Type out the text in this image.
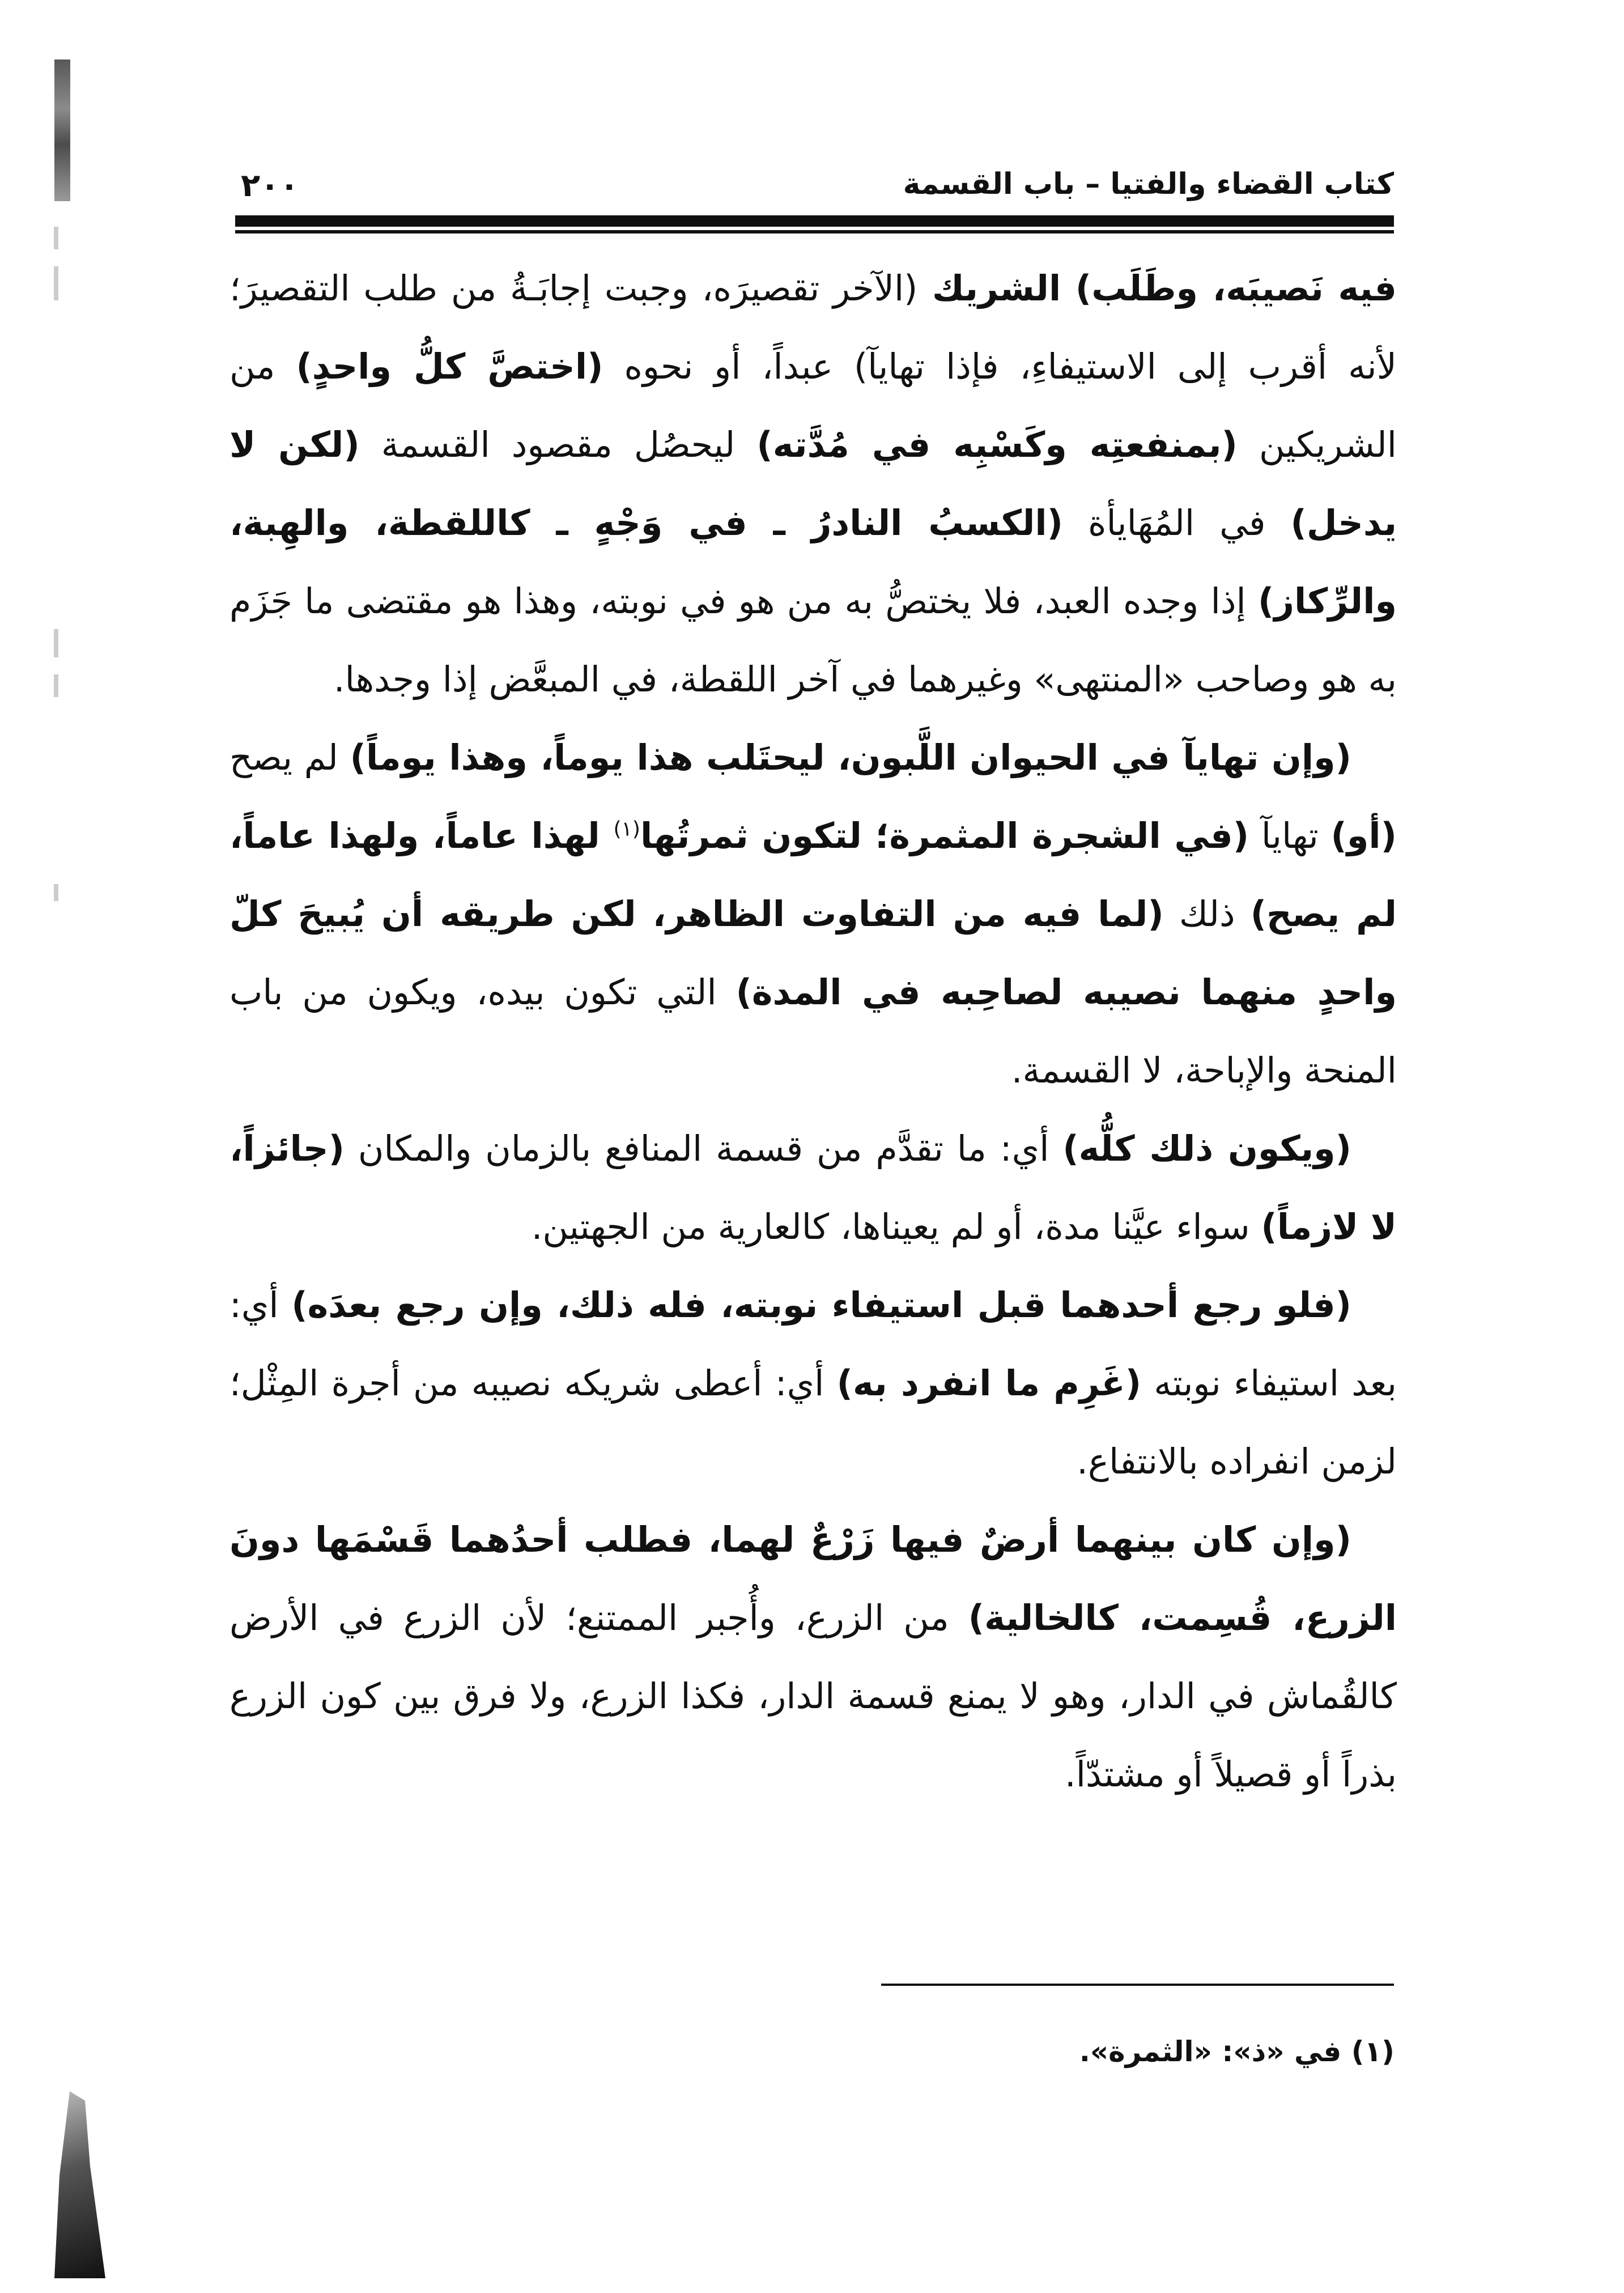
كتاب القضاء والفتيا – باب القسمة
٢٠٠

فيه نَصيبَه، وطَلَب) الشريك (الآخر تقصيرَه، وجبت إجابَـةُ من طلب التقصيرَ؛ لأنه أقرب إلى الاستيفاءِ، فإذا تهايآ) عبداً، أو نحوه (اختصَّ كلُّ واحدٍ) من الشريكين (بمنفعتِه وكَسْبِه في مُدَّته) ليحصُل مقصود القسمة (لكن لا يدخل) في المُهَايأة (الكسبُ النادرُ ـ في وَجْهٍ ـ كاللقطة، والهِبة، والرِّكاز) إذا وجده العبد، فلا يختصُّ به من هو في نوبته، وهذا هو مقتضى ما جَزَم به هو وصاحب «المنتهى» وغيرهما في آخر اللقطة، في المبعَّض إذا وجدها.

(وإن تهايآ في الحيوان اللَّبون، ليحتَلب هذا يوماً، وهذا يوماً) لم يصح (أو) تهايآ (في الشجرة المثمرة؛ لتكون ثمرتُها$^{(١)}$ لهذا عاماً، ولهذا عاماً، لم يصح) ذلك (لما فيه من التفاوت الظاهر، لكن طريقه أن يُبيحَ كلّ واحدٍ منهما نصيبه لصاحِبه في المدة) التي تكون بيده، ويكون من باب المنحة والإباحة، لا القسمة.

(ويكون ذلك كلُّه) أي: ما تقدَّم من قسمة المنافع بالزمان والمكان (جائزاً، لا لازماً) سواء عيَّنا مدة، أو لم يعيناها، كالعارية من الجهتين.

(فلو رجع أحدهما قبل استيفاء نوبته، فله ذلك، وإن رجع بعدَه) أي: بعد استيفاء نوبته (غَرِم ما انفرد به) أي: أعطى شريكه نصيبه من أجرة المِثْل؛ لزمن انفراده بالانتفاع.

(وإن كان بينهما أرضٌ فيها زَرْعٌ لهما، فطلب أحدُهما قَسْمَها دونَ الزرع، قُسِمت، كالخالية) من الزرع، وأُجبر الممتنع؛ لأن الزرع في الأرض كالقُماش في الدار، وهو لا يمنع قسمة الدار، فكذا الزرع، ولا فرق بين كون الزرع بذراً أو قصيلاً أو مشتدّاً.

(١) في «ذ»: «الثمرة».
